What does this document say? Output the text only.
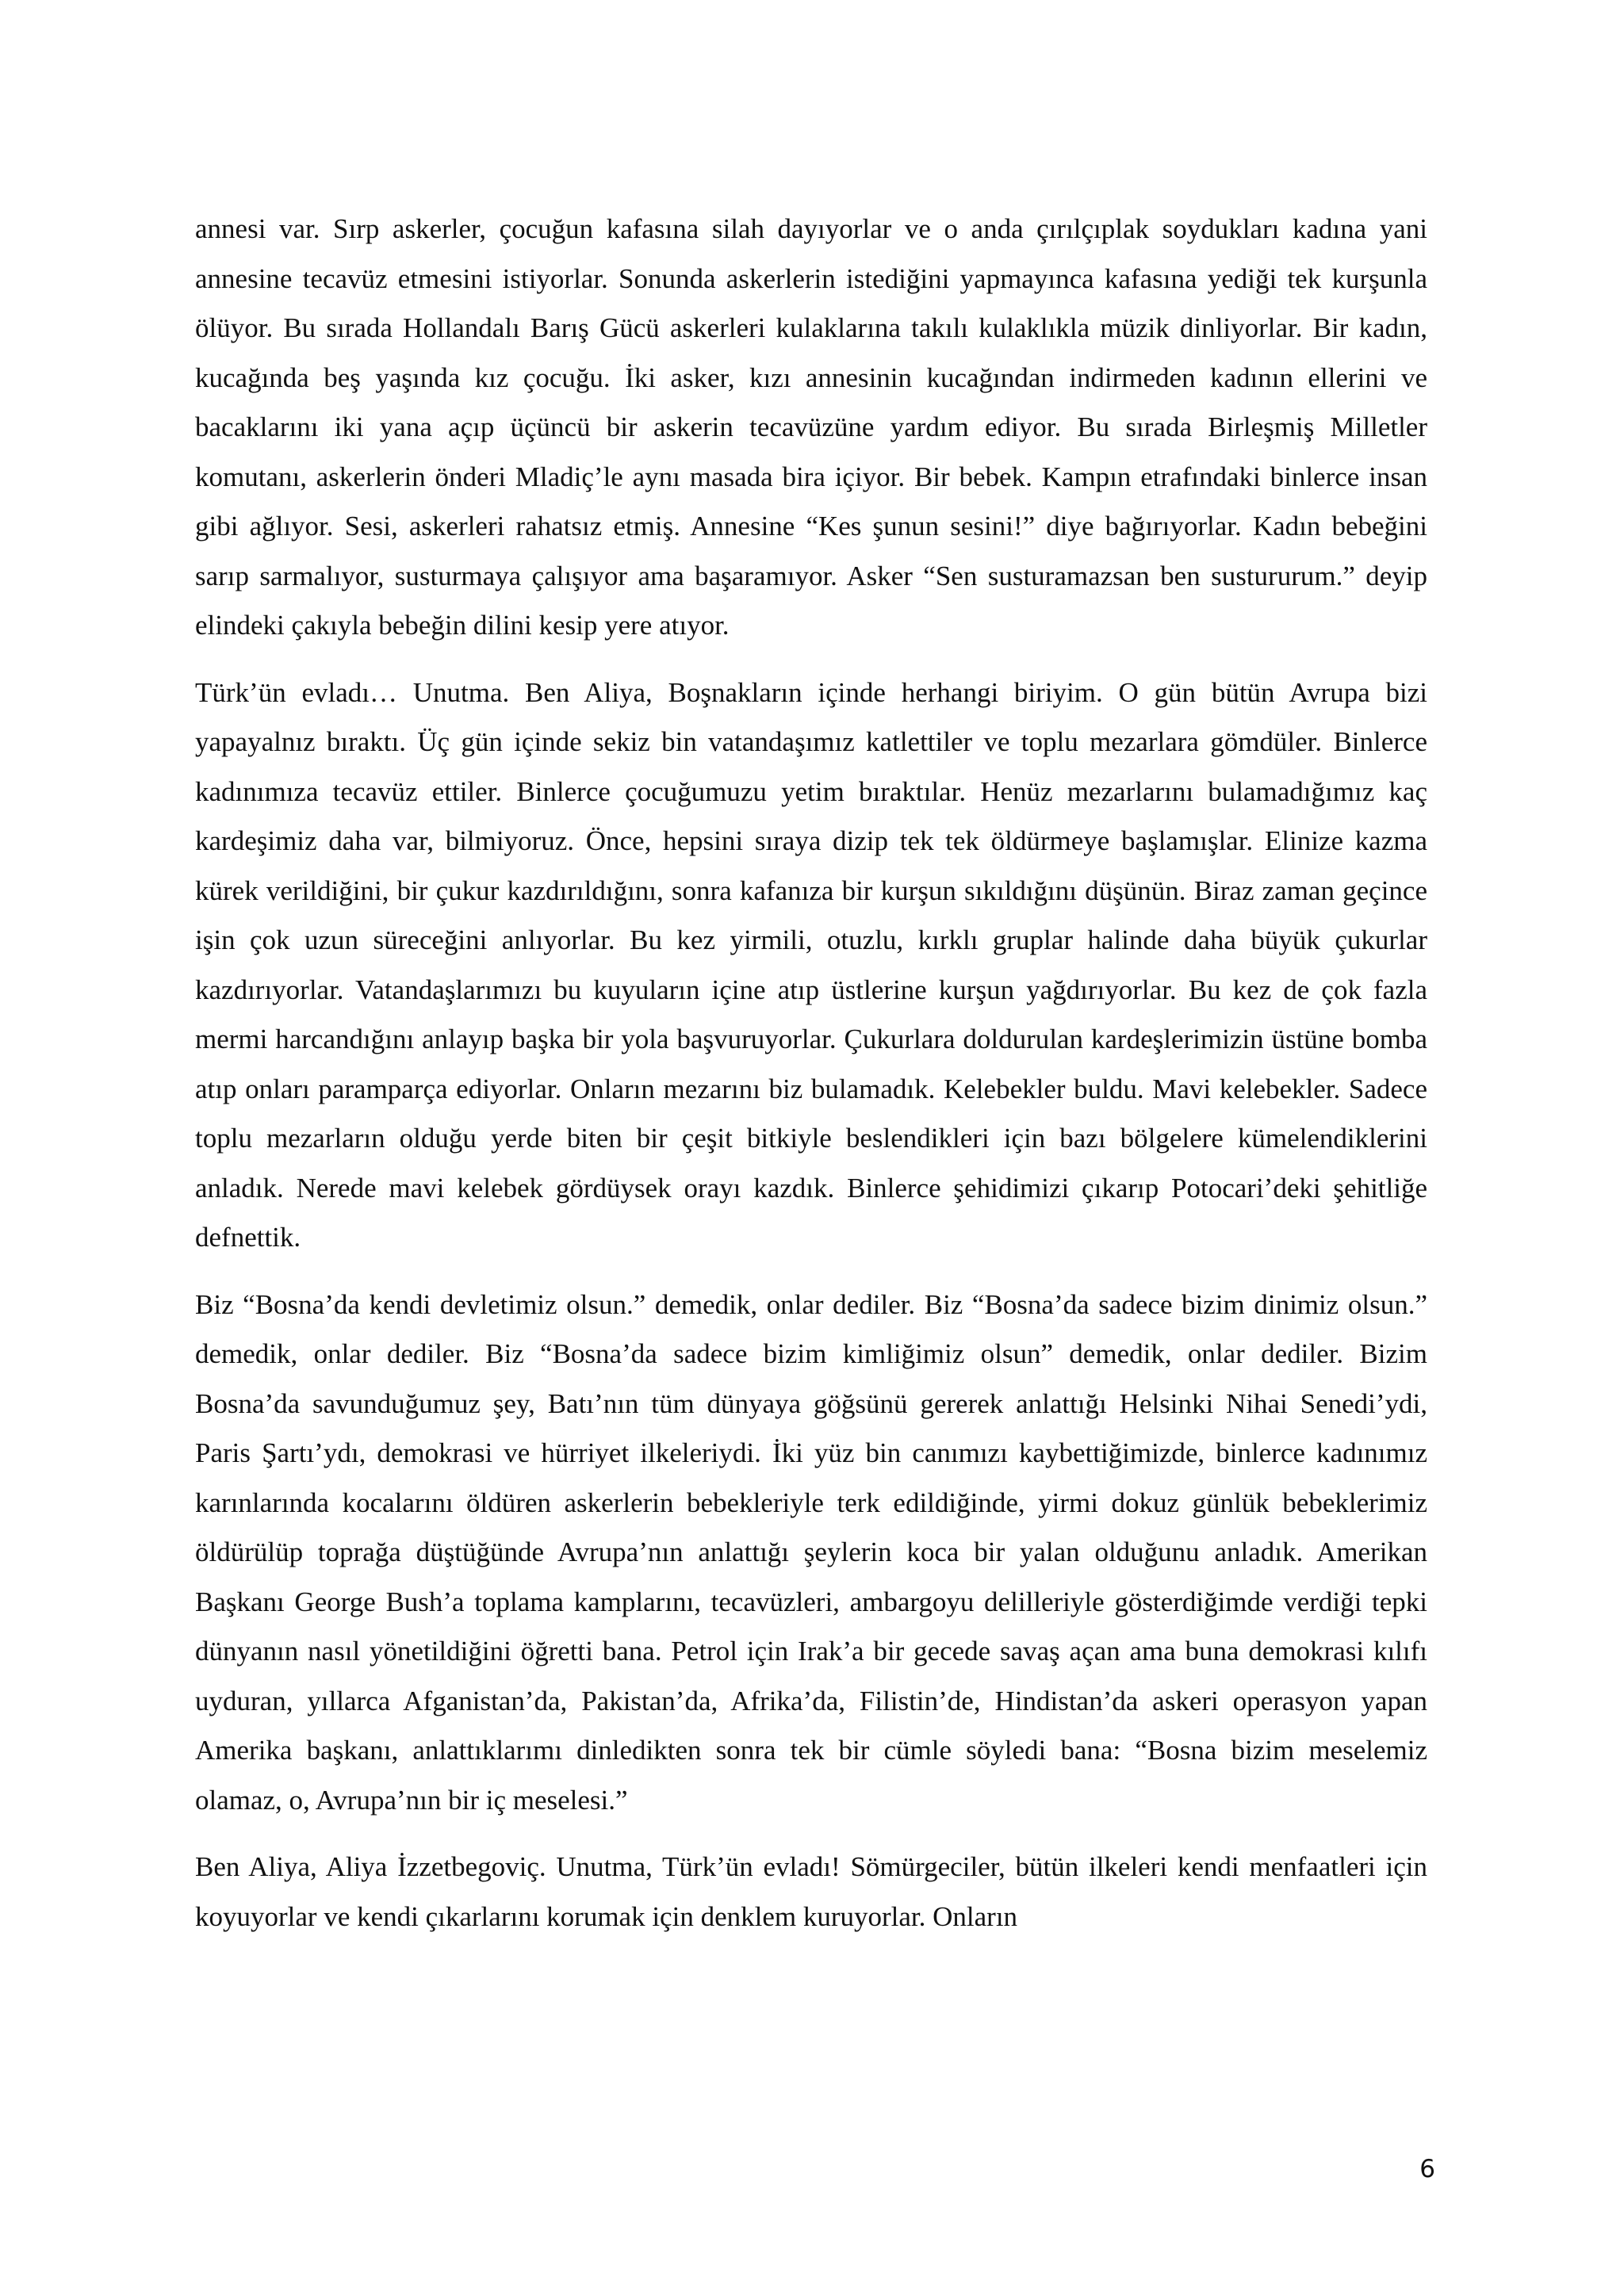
annesi var. Sırp askerler, çocuğun kafasına silah dayıyorlar ve o anda çırılçıplak soydukları kadına yani annesine tecavüz etmesini istiyorlar. Sonunda askerlerin istediğini yapmayınca kafasına yediği tek kurşunla ölüyor. Bu sırada Hollandalı Barış Gücü askerleri kulaklarına takılı kulaklıkla müzik dinliyorlar. Bir kadın, kucağında beş yaşında kız çocuğu. İki asker, kızı annesinin kucağından indirmeden kadının ellerini ve bacaklarını iki yana açıp üçüncü bir askerin tecavüzüne yardım ediyor. Bu sırada Birleşmiş Milletler komutanı, askerlerin önderi Mladiç’le aynı masada bira içiyor. Bir bebek. Kampın etrafındaki binlerce insan gibi ağlıyor. Sesi, askerleri rahatsız etmiş. Annesine “Kes şunun sesini!” diye bağırıyorlar. Kadın bebeğini sarıp sarmalıyor, susturmaya çalışıyor ama başaramıyor. Asker “Sen susturamazsan ben sustururum.” deyip elindeki çakıyla bebeğin dilini kesip yere atıyor.

Türk’ün evladı… Unutma. Ben Aliya, Boşnakların içinde herhangi biriyim. O gün bütün Avrupa bizi yapayalnız bıraktı. Üç gün içinde sekiz bin vatandaşımız katlettiler ve toplu mezarlara gömdüler. Binlerce kadınımıza tecavüz ettiler. Binlerce çocuğumuzu yetim bıraktılar. Henüz mezarlarını bulamadığımız kaç kardeşimiz daha var, bilmiyoruz. Önce, hepsini sıraya dizip tek tek öldürmeye başlamışlar. Elinize kazma kürek verildiğini, bir çukur kazdırıldığını, sonra kafanıza bir kurşun sıkıldığını düşünün. Biraz zaman geçince işin çok uzun süreceğini anlıyorlar. Bu kez yirmili, otuzlu, kırklı gruplar halinde daha büyük çukurlar kazdırıyorlar. Vatandaşlarımızı bu kuyuların içine atıp üstlerine kurşun yağdırıyorlar. Bu kez de çok fazla mermi harcandığını anlayıp başka bir yola başvuruyorlar. Çukurlara doldurulan kardeşlerimizin üstüne bomba atıp onları paramparça ediyorlar. Onların mezarını biz bulamadık. Kelebekler buldu. Mavi kelebekler. Sadece toplu mezarların olduğu yerde biten bir çeşit bitkiyle beslendikleri için bazı bölgelere kümelendiklerini anladık. Nerede mavi kelebek gördüysek orayı kazdık. Binlerce şehidimizi çıkarıp Potocari’deki şehitliğe defnettik.

Biz “Bosna’da kendi devletimiz olsun.” demedik, onlar dediler. Biz “Bosna’da sadece bizim dinimiz olsun.” demedik, onlar dediler. Biz “Bosna’da sadece bizim kimliğimiz olsun” demedik, onlar dediler. Bizim Bosna’da savunduğumuz şey, Batı’nın tüm dünyaya göğsünü gererek anlattığı Helsinki Nihai Senedi’ydi, Paris Şartı’ydı, demokrasi ve hürriyet ilkeleriydi. İki yüz bin canımızı kaybettiğimizde, binlerce kadınımız karınlarında kocalarını öldüren askerlerin bebekleriyle terk edildiğinde, yirmi dokuz günlük bebeklerimiz öldürülüp toprağa düştüğünde Avrupa’nın anlattığı şeylerin koca bir yalan olduğunu anladık. Amerikan Başkanı George Bush’a toplama kamplarını, tecavüzleri, ambargoyu delilleriyle gösterdiğimde verdiği tepki dünyanın nasıl yönetildiğini öğretti bana. Petrol için Irak’a bir gecede savaş açan ama buna demokrasi kılıfı uyduran, yıllarca Afganistan’da, Pakistan’da, Afrika’da, Filistin’de, Hindistan’da askeri operasyon yapan Amerika başkanı, anlattıklarımı dinledikten sonra tek bir cümle söyledi bana: “Bosna bizim meselemiz olamaz, o, Avrupa’nın bir iç meselesi.”

Ben Aliya, Aliya İzzetbegoviç. Unutma, Türk’ün evladı! Sömürgeciler, bütün ilkeleri kendi menfaatleri için koyuyorlar ve kendi çıkarlarını korumak için denklem kuruyorlar. Onların

6
